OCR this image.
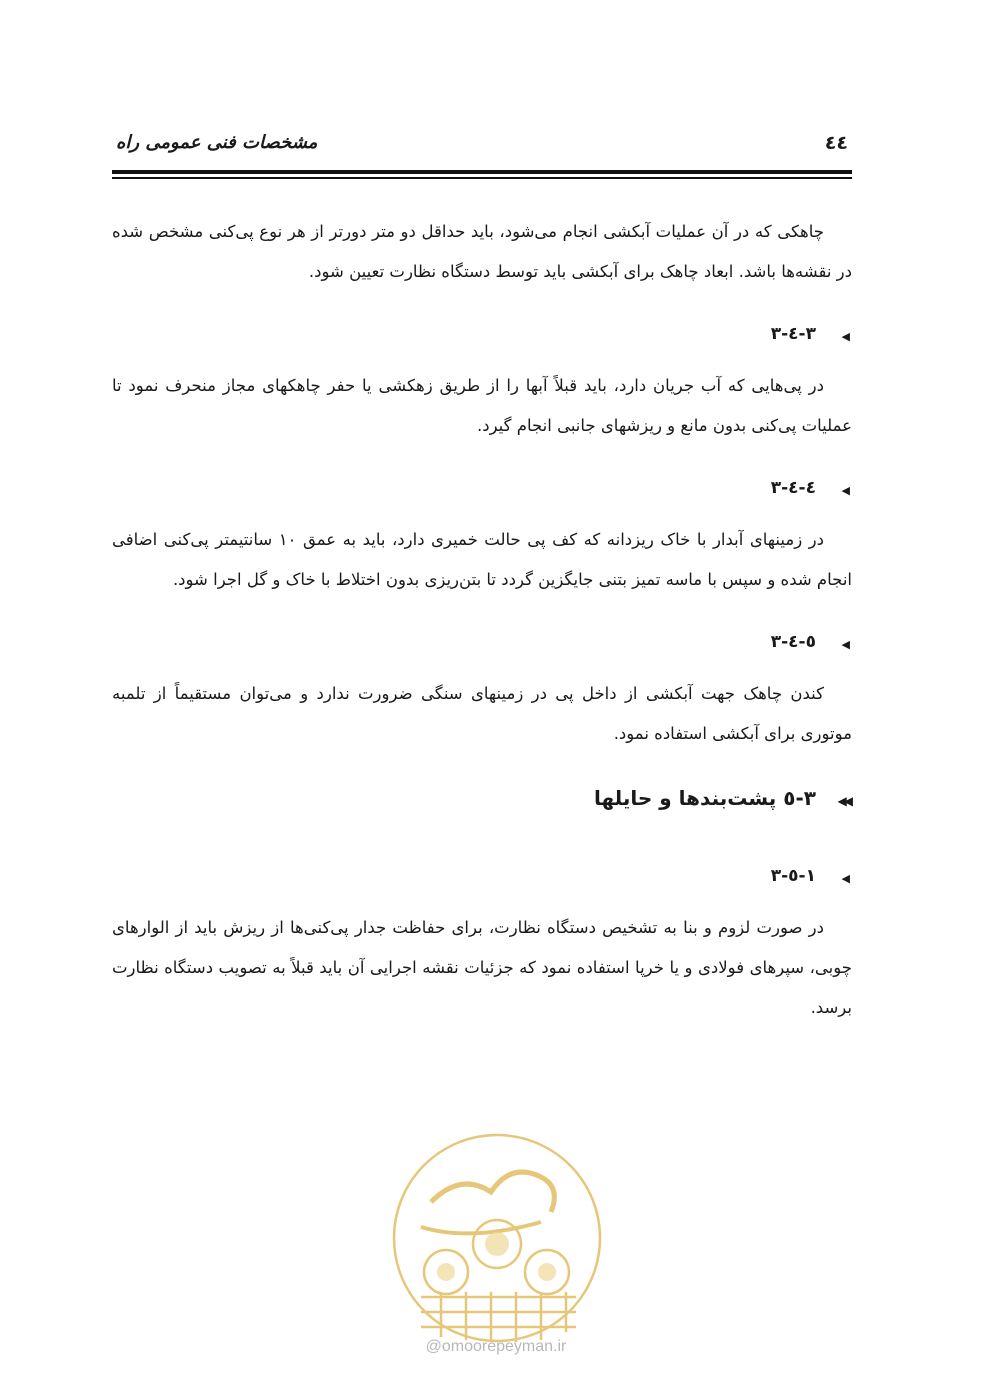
٤٤
مشخصات فنی عمومی راه

چاهکی که در آن عملیات آبکشی انجام می‌شود، باید حداقل دو متر دورتر از هر نوع پی‌کنی مشخص شده در نقشه‌ها باشد. ابعاد چاهک برای آبکشی باید توسط دستگاه نظارت تعیین شود.

◀
٣-٤-٣

در پی‌هایی که آب جریان دارد، باید قبلاً آبها را از طریق زهکشی یا حفر چاهکهای مجاز منحرف نمود تا عملیات پی‌کنی بدون مانع و ریزشهای جانبی انجام گیرد.

◀
٤-٤-٣

در زمینهای آبدار با خاک ریزدانه که کف پی حالت خمیری دارد، باید به عمق ١٠ سانتیمتر پی‌کنی اضافی انجام شده و سپس با ماسه تمیز بتنی جایگزین گردد تا بتن‌ریزی بدون اختلاط با خاک و گل اجرا شود.

◀
٥-٤-٣

کندن چاهک جهت آبکشی از داخل پی در زمینهای سنگی ضرورت ندارد و می‌توان مستقیماً از تلمبه موتوری برای آبکشی استفاده نمود.

◀◀
٣-٥ پشت‌بندها و حایلها
◀
١-٥-٣

در صورت لزوم و بنا به تشخیص دستگاه نظارت، برای حفاظت جدار پی‌کنی‌ها از ریزش باید از الوارهای چوبی، سپرهای فولادی و یا خرپا استفاده نمود که جزئیات نقشه اجرایی آن باید قبلاً به تصویب دستگاه نظارت برسد.

@omoorepeyman.ir
